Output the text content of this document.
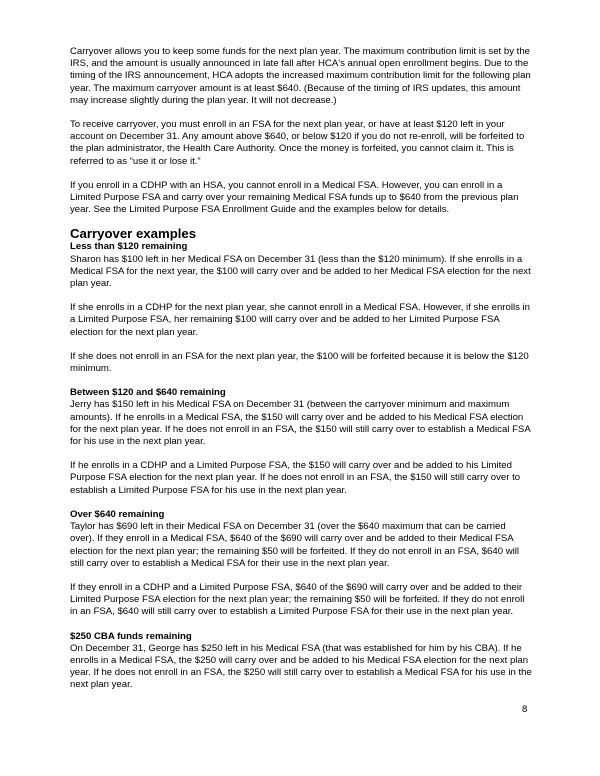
Carryover allows you to keep some funds for the next plan year. The maximum contribution limit is set by the IRS, and the amount is usually announced in late fall after HCA's annual open enrollment begins. Due to the timing of the IRS announcement, HCA adopts the increased maximum contribution limit for the following plan year. The maximum carryover amount is at least $640. (Because of the timing of IRS updates, this amount may increase slightly during the plan year. It will not decrease.)

To receive carryover, you must enroll in an FSA for the next plan year, or have at least $120 left in your account on December 31. Any amount above $640, or below $120 if you do not re-enroll, will be forfeited to the plan administrator, the Health Care Authority. Once the money is forfeited, you cannot claim it. This is referred to as “use it or lose it.”

If you enroll in a CDHP with an HSA, you cannot enroll in a Medical FSA. However, you can enroll in a Limited Purpose FSA and carry over your remaining Medical FSA funds up to $640 from the previous plan year. See the Limited Purpose FSA Enrollment Guide and the examples below for details.

Carryover examples
Less than $120 remaining

Sharon has $100 left in her Medical FSA on December 31 (less than the $120 minimum). If she enrolls in a Medical FSA for the next year, the $100 will carry over and be added to her Medical FSA election for the next plan year.

If she enrolls in a CDHP for the next plan year, she cannot enroll in a Medical FSA. However, if she enrolls in a Limited Purpose FSA, her remaining $100 will carry over and be added to her Limited Purpose FSA election for the next plan year.

If she does not enroll in an FSA for the next plan year, the $100 will be forfeited because it is below the $120 minimum.

Between $120 and $640 remaining

Jerry has $150 left in his Medical FSA on December 31 (between the carryover minimum and maximum amounts). If he enrolls in a Medical FSA, the $150 will carry over and be added to his Medical FSA election for the next plan year. If he does not enroll in an FSA, the $150 will still carry over to establish a Medical FSA for his use in the next plan year.

If he enrolls in a CDHP and a Limited Purpose FSA, the $150 will carry over and be added to his Limited Purpose FSA election for the next plan year. If he does not enroll in an FSA, the $150 will still carry over to establish a Limited Purpose FSA for his use in the next plan year.

Over $640 remaining

Taylor has $690 left in their Medical FSA on December 31 (over the $640 maximum that can be carried over). If they enroll in a Medical FSA, $640 of the $690 will carry over and be added to their Medical FSA election for the next plan year; the remaining $50 will be forfeited. If they do not enroll in an FSA, $640 will still carry over to establish a Medical FSA for their use in the next plan year.

If they enroll in a CDHP and a Limited Purpose FSA, $640 of the $690 will carry over and be added to their Limited Purpose FSA election for the next plan year; the remaining $50 will be forfeited. If they do not enroll in an FSA, $640 will still carry over to establish a Limited Purpose FSA for their use in the next plan year.

$250 CBA funds remaining

On December 31, George has $250 left in his Medical FSA (that was established for him by his CBA). If he enrolls in a Medical FSA, the $250 will carry over and be added to his Medical FSA election for the next plan year. If he does not enroll in an FSA, the $250 will still carry over to establish a Medical FSA for his use in the next plan year.

8
